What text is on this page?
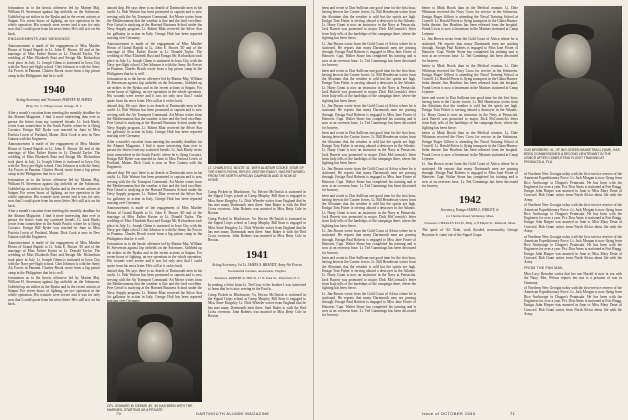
fortunation as to the heroic offensive led by Marine Maj. William H. Stevenson against Jap airfields on the Solomons. Gobbled up air strikes in the Ryuku and in the recent actions at Saipan. For seven hours of fighting, an eye operation in the whole operation. His wounds were severe and it was for only now that I could quote from his news letter. He's still at it on his back.

ENGAGEMENTS AND WEDDINGS

Announcement is made of the engagement of Miss Marilee Hosea of Grand Rapids to Lt. John E. Brown '40 and of the marriage of Miss Esther Kuster to Lt. Donald Taylor. The wedding of Miss Elizabeth Rust and Ensign Mr. Richardson took place in July. Lt. Joseph Glenn is stationed in Iowa City with the Navy pre-flight school. Chet Johnson is with the Army Air Forces in Panama. Charles Brook wrote from a Jap prison camp in the Philippines that he is well.

1940
Acting Secretary and Treasurer, HARVEY M. HAYES
Bldg. No. 5, Village Green, Orange, N. J.

After a month's vacation from meeting the monthly deadline for the Alumni Magazine, I find it more interesting than ever to peruse the letters from my scattered friends. Lt. Jack Hardy wrote from somewhere in the South Pacific where he is flying Corsairs. Ensign Bill Ryder was married in June to Miss Patricia Lewis of Portland, Maine. Dick Cook is now in New Guinea with the Engineers.

Announcement is made of the engagement of Miss Marilee Hosea of Grand Rapids to Lt. John E. Brown '40 and of the marriage of Miss Esther Kuster to Lt. Donald Taylor. The wedding of Miss Elizabeth Rust and Ensign Mr. Richardson took place in July. Lt. Joseph Glenn is stationed in Iowa City with the Navy pre-flight school. Chet Johnson is with the Army Air Forces in Panama. Charles Brook wrote from a Jap prison camp in the Philippines that he is well.

fortunation as to the heroic offensive led by Marine Maj. William H. Stevenson against Jap airfields on the Solomons. Gobbled up air strikes in the Ryuku and in the recent actions at Saipan. For seven hours of fighting, an eye operation in the whole operation. His wounds were severe and it was for only now that I could quote from his news letter. He's still at it on his back.

After a month's vacation from meeting the monthly deadline for the Alumni Magazine, I find it more interesting than ever to peruse the letters from my scattered friends. Lt. Jack Hardy wrote from somewhere in the South Pacific where he is flying Corsairs. Ensign Bill Ryder was married in June to Miss Patricia Lewis of Portland, Maine. Dick Cook is now in New Guinea with the Engineers.

Announcement is made of the engagement of Miss Marilee Hosea of Grand Rapids to Lt. John E. Brown '40 and of the marriage of Miss Esther Kuster to Lt. Donald Taylor. The wedding of Miss Elizabeth Rust and Ensign Mr. Richardson took place in July. Lt. Joseph Glenn is stationed in Iowa City with the Navy pre-flight school. Chet Johnson is with the Army Air Forces in Panama. Charles Brook wrote from a Jap prison camp in the Philippines that he is well.

fortunation as to the heroic offensive led by Marine Maj. William H. Stevenson against Jap airfields on the Solomons. Gobbled up air strikes in the Ryuku and in the recent actions at Saipan. For seven hours of fighting, an eye operation in the whole operation. His wounds were severe and it was for only now that I could quote from his news letter. He's still at it on his back.

aboard ship. He says there is no dearth of Dartmouth men in his outfit. Lt. Bob Watson has been promoted to captain and is now serving with the Air Transport Command. Art Morse writes from the Mediterranean that the weather is fine and the food excellent. Pete Geisel is studying at the Harvard Business School under the Navy Supply program. Lt. Robert Blair received the Silver Star for gallantry in action in Italy. George Holt has been reported missing over Germany.

Announcement is made of the engagement of Miss Marilee Hosea of Grand Rapids to Lt. John E. Brown '40 and of the marriage of Miss Esther Kuster to Lt. Donald Taylor. The wedding of Miss Elizabeth Rust and Ensign Mr. Richardson took place in July. Lt. Joseph Glenn is stationed in Iowa City with the Navy pre-flight school. Chet Johnson is with the Army Air Forces in Panama. Charles Brook wrote from a Jap prison camp in the Philippines that he is well.

fortunation as to the heroic offensive led by Marine Maj. William H. Stevenson against Jap airfields on the Solomons. Gobbled up air strikes in the Ryuku and in the recent actions at Saipan. For seven hours of fighting, an eye operation in the whole operation. His wounds were severe and it was for only now that I could quote from his news letter. He's still at it on his back.

aboard ship. He says there is no dearth of Dartmouth men in his outfit. Lt. Bob Watson has been promoted to captain and is now serving with the Air Transport Command. Art Morse writes from the Mediterranean that the weather is fine and the food excellent. Pete Geisel is studying at the Harvard Business School under the Navy Supply program. Lt. Robert Blair received the Silver Star for gallantry in action in Italy. George Holt has been reported missing over Germany.

After a month's vacation from meeting the monthly deadline for the Alumni Magazine, I find it more interesting than ever to peruse the letters from my scattered friends. Lt. Jack Hardy wrote from somewhere in the South Pacific where he is flying Corsairs. Ensign Bill Ryder was married in June to Miss Patricia Lewis of Portland, Maine. Dick Cook is now in New Guinea with the Engineers.

aboard ship. He says there is no dearth of Dartmouth men in his outfit. Lt. Bob Watson has been promoted to captain and is now serving with the Air Transport Command. Art Morse writes from the Mediterranean that the weather is fine and the food excellent. Pete Geisel is studying at the Harvard Business School under the Navy Supply program. Lt. Robert Blair received the Silver Star for gallantry in action in Italy. George Holt has been reported missing over Germany.

Announcement is made of the engagement of Miss Marilee Hosea of Grand Rapids to Lt. John E. Brown '40 and of the marriage of Miss Esther Kuster to Lt. Donald Taylor. The wedding of Miss Elizabeth Rust and Ensign Mr. Richardson took place in July. Lt. Joseph Glenn is stationed in Iowa City with the Navy pre-flight school. Chet Johnson is with the Army Air Forces in Panama. Charles Brook wrote from a Jap prison camp in the Philippines that he is well.

fortunation as to the heroic offensive led by Marine Maj. William H. Stevenson against Jap airfields on the Solomons. Gobbled up air strikes in the Ryuku and in the recent actions at Saipan. For seven hours of fighting, an eye operation in the whole operation. His wounds were severe and it was for only now that I could quote from his news letter. He's still at it on his back.

aboard ship. He says there is no dearth of Dartmouth men in his outfit. Lt. Bob Watson has been promoted to captain and is now serving with the Air Transport Command. Art Morse writes from the Mediterranean that the weather is fine and the food excellent. Pete Geisel is studying at the Harvard Business School under the Navy Supply program. Lt. Robert Blair received the Silver Star for gallantry in action in Italy. George Holt has been reported

CPL. EDWARD M. DEEMS JR. '40 HAS BEEN WITH THE MARINES, STARTING AS A PRIVATE.
LT. CHARLES G. BOLTE '41, WITH ALISTAIR COOKE, STAR OF THE KING'S ROYAL RIFLES, BRITISH RADIO, HAS RETURNED FROM THE NORTH AFRICAN CAMPAIGN AND IS NOW AT HOME.

Camp Pickett in Blackstone, Va. Hector McTavish is stationed in the Signal Corps school at Camp Murphy. Bill Starr is engaged to Miss Anne Kingsley. Lt. Dick Wheeler writes from England that he has met many Dartmouth men there. Sam Baker is with the Red Cross overseas. John Roberts was married to Miss Betty Cole in Boston.

Camp Pickett in Blackstone, Va. Hector McTavish is stationed in the Signal Corps school at Camp Murphy. Bill Starr is engaged to Miss Anne Kingsley. Lt. Dick Wheeler writes from England that he has met many Dartmouth men there. Sam Baker is with the Red Cross overseas. John Roberts was married to Miss Betty Cole in Boston.

1941
Acting Secretary, 1st Lt. JAMES S. BRANDT, Army Air Forces
Presidential Gardens, Alexandria, Virginia
Treasurer, ROBERT R. HOCK, 17 N. Park St., Montclair, N. J.

In reading a letter from Lt. Ted Gray to his brother I was interested to learn that he is now serving in the Pacific.

Camp Pickett in Blackstone, Va. Hector McTavish is stationed in the Signal Corps school at Camp Murphy. Bill Starr is engaged to Miss Anne Kingsley. Lt. Dick Wheeler writes from England that he has met many Dartmouth men there. Sam Baker is with the Red Cross overseas. John Roberts was married to Miss Betty Cole in Boston.

70	DARTMOUTH ALUMNI MAGAZINE

been and wrote to Don Sullivan one good time for the first hour, having been in the Carrier forces. Lt. Bill Henderson writes from the Aleutians that the weather is cold but the spirits are high. Ensign Tom Fisher is serving aboard a destroyer in the Atlantic. Lt. Harry Grant is now an instructor in the Navy at Pensacola. Jack Barrett was promoted to major. Dick McCormick's letter from Italy tells of the hardships of the campaign there, where the fighting has been fierce.

Lt. Jim Brown wrote from the Gold Coast of Africa where he is stationed. He reports that many Dartmouth men are passing through. Ensign Paul Roberts is engaged to Miss Jane Foster of Hanover. Capt. Walter Stone has completed his training and is now at an overseas base. Lt. Ted Cummings has been decorated for bravery.

been and wrote to Don Sullivan one good time for the first hour, having been in the Carrier forces. Lt. Bill Henderson writes from the Aleutians that the weather is cold but the spirits are high. Ensign Tom Fisher is serving aboard a destroyer in the Atlantic. Lt. Harry Grant is now an instructor in the Navy at Pensacola. Jack Barrett was promoted to major. Dick McCormick's letter from Italy tells of the hardships of the campaign there, where the fighting has been fierce.

Lt. Jim Brown wrote from the Gold Coast of Africa where he is stationed. He reports that many Dartmouth men are passing through. Ensign Paul Roberts is engaged to Miss Jane Foster of Hanover. Capt. Walter Stone has completed his training and is now at an overseas base. Lt. Ted Cummings has been decorated for bravery.

been and wrote to Don Sullivan one good time for the first hour, having been in the Carrier forces. Lt. Bill Henderson writes from the Aleutians that the weather is cold but the spirits are high. Ensign Tom Fisher is serving aboard a destroyer in the Atlantic. Lt. Harry Grant is now an instructor in the Navy at Pensacola. Jack Barrett was promoted to major. Dick McCormick's letter from Italy tells of the hardships of the campaign there, where the fighting has been fierce.

Lt. Jim Brown wrote from the Gold Coast of Africa where he is stationed. He reports that many Dartmouth men are passing through. Ensign Paul Roberts is engaged to Miss Jane Foster of Hanover. Capt. Walter Stone has completed his training and is now at an overseas base. Lt. Ted Cummings has been decorated for bravery.

been and wrote to Don Sullivan one good time for the first hour, having been in the Carrier forces. Lt. Bill Henderson writes from the Aleutians that the weather is cold but the spirits are high. Ensign Tom Fisher is serving aboard a destroyer in the Atlantic. Lt. Harry Grant is now an instructor in the Navy at Pensacola. Jack Barrett was promoted to major. Dick McCormick's letter from Italy tells of the hardships of the campaign there, where the fighting has been fierce.

Lt. Jim Brown wrote from the Gold Coast of Africa where he is stationed. He reports that many Dartmouth men are passing through. Ensign Paul Roberts is engaged to Miss Jane Foster of Hanover. Capt. Walter Stone has completed his training and is now at an overseas base. Lt. Ted Cummings has been decorated for bravery.

been and wrote to Don Sullivan one good time for the first hour, having been in the Carrier forces. Lt. Bill Henderson writes from the Aleutians that the weather is cold but the spirits are high. Ensign Tom Fisher is serving aboard a destroyer in the Atlantic. Lt. Harry Grant is now an instructor in the Navy at Pensacola. Jack Barrett was promoted to major. Dick McCormick's letter from Italy tells of the hardships of the campaign there, where the fighting has been fierce.

Lt. Jim Brown wrote from the Gold Coast of Africa where he is stationed. He reports that many Dartmouth men are passing through. Ensign Paul Roberts is engaged to Miss Jane Foster of Hanover. Capt. Walter Stone has completed his training and is now at an overseas base. Lt. Ted Cummings has been decorated for bravery.

better to Mink Brook than in the Medical reunion. Lt. Dale Whitman received the Navy Cross for service in the Solomons. Ensign Roger Gilbert is attending the Naval Training School at Cornell. Lt. Harold Peters is flying transports in the China-Burma-India theatre. Jim Hawkins has been released from the hospital. Frank Lewis is now a lieutenant in the Marines stationed at Camp Lejeune.

Lt. Jim Brown wrote from the Gold Coast of Africa where he is stationed. He reports that many Dartmouth men are passing through. Ensign Paul Roberts is engaged to Miss Jane Foster of Hanover. Capt. Walter Stone has completed his training and is now at an overseas base. Lt. Ted Cummings has been decorated for bravery.

better to Mink Brook than in the Medical reunion. Lt. Dale Whitman received the Navy Cross for service in the Solomons. Ensign Roger Gilbert is attending the Naval Training School at Cornell. Lt. Harold Peters is flying transports in the China-Burma-India theatre. Jim Hawkins has been released from the hospital. Frank Lewis is now a lieutenant in the Marines stationed at Camp Lejeune.

been and wrote to Don Sullivan one good time for the first hour, having been in the Carrier forces. Lt. Bill Henderson writes from the Aleutians that the weather is cold but the spirits are high. Ensign Tom Fisher is serving aboard a destroyer in the Atlantic. Lt. Harry Grant is now an instructor in the Navy at Pensacola. Jack Barrett was promoted to major. Dick McCormick's letter from Italy tells of the hardships of the campaign there, where the fighting has been fierce.

better to Mink Brook than in the Medical reunion. Lt. Dale Whitman received the Navy Cross for service in the Solomons. Ensign Roger Gilbert is attending the Naval Training School at Cornell. Lt. Harold Peters is flying transports in the China-Burma-India theatre. Jim Hawkins has been released from the hospital. Frank Lewis is now a lieutenant in the Marines stationed at Camp Lejeune.

Lt. Jim Brown wrote from the Gold Coast of Africa where he is stationed. He reports that many Dartmouth men are passing through. Ensign Paul Roberts is engaged to Miss Jane Foster of Hanover. Capt. Walter Stone has completed his training and is now at an overseas base. Lt. Ted Cummings has been decorated for bravery.

1942
Secretary, Ensign JAMES L. FARLEY, Jr.
c/o Thomas Road, Wellesley, Mass.
Treasurer, CHARLES ELLIS, Bldg. 2, 8 Maple St., Belmont, Mass.

The spirit of '42: Yeah, sixth flooded, newsworthy George Boynton Jr. came out of the Signal Corps.

GUS BROBERG '41, OF BIG GREEN BASKETBALL FAME, HAS BEEN COMMISSIONED A SECOND LIEUTENANT IN THE USMCR AFTER COMPLETING FLIGHT TRAINING AT PENSACOLA, FLA.

of Northern New Georgia today with the first-service reserve of the American Expeditionary Force. Lt. Jack Morgan is now flying from Rice Anchorage to Dragon's Peninsula. He has been with the Engineers for over a year. Pvt. Don Ames is stationed at Fort Bragg. Ensign John Harper was married in June to Miss Mary Dean of Concord. Bob Grant writes from North Africa about life with the Army.

of Northern New Georgia today with the first-service reserve of the American Expeditionary Force. Lt. Jack Morgan is now flying from Rice Anchorage to Dragon's Peninsula. He has been with the Engineers for over a year. Pvt. Don Ames is stationed at Fort Bragg. Ensign John Harper was married in June to Miss Mary Dean of Concord. Bob Grant writes from North Africa about life with the Army.

of Northern New Georgia today with the first-service reserve of the American Expeditionary Force. Lt. Jack Morgan is now flying from Rice Anchorage to Dragon's Peninsula. He has been with the Engineers for over a year. Pvt. Don Ames is stationed at Fort Bragg. Ensign John Harper was married in June to Miss Mary Dean of Concord. Bob Grant writes from North Africa about life with the Army.

FROM THE FAN MAIL

Miss Lucy Brenden writes that her son Harold is now at sea with the Navy. Mrs. Wilson reports her son is a prisoner of war in Germany.

of Northern New Georgia today with the first-service reserve of the American Expeditionary Force. Lt. Jack Morgan is now flying from Rice Anchorage to Dragon's Peninsula. He has been with the Engineers for over a year. Pvt. Don Ames is stationed at Fort Bragg. Ensign John Harper was married in June to Miss Mary Dean of Concord. Bob Grant writes from North Africa about life with the Army.

Issue of OCTOBER 1943	71
